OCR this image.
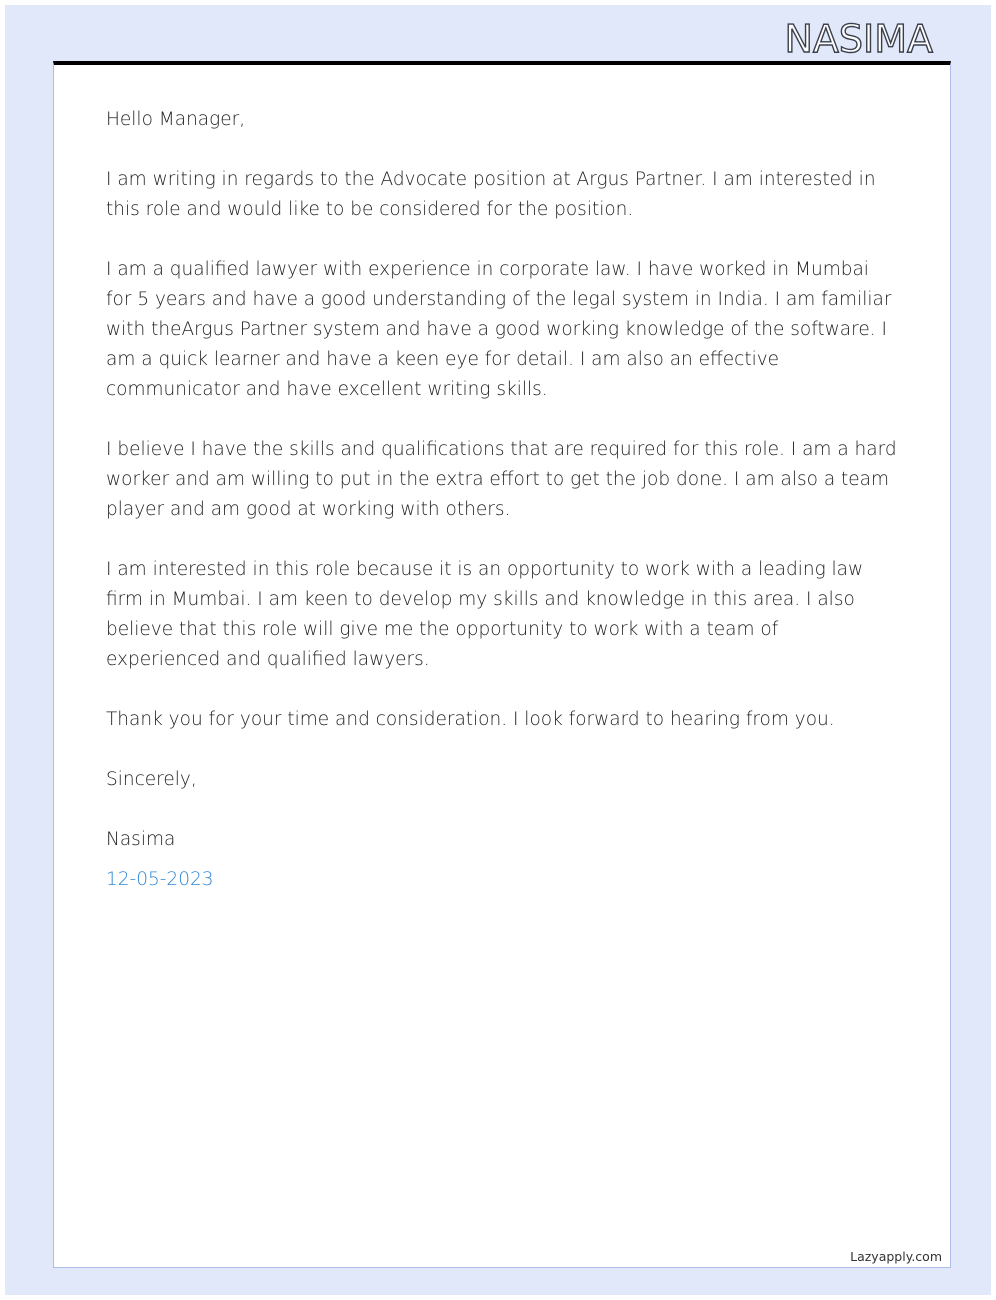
NASIMA

Hello Manager,

I am writing in regards to the Advocate position at Argus Partner. I am interested in this role and would like to be considered for the position.

I am a qualified lawyer with experience in corporate law. I have worked in Mumbai for 5 years and have a good understanding of the legal system in India. I am familiar with theArgus Partner system and have a good working knowledge of the software. I am a quick learner and have a keen eye for detail. I am also an effective communicator and have excellent writing skills.

I believe I have the skills and qualifications that are required for this role. I am a hard worker and am willing to put in the extra effort to get the job done. I am also a team player and am good at working with others.

I am interested in this role because it is an opportunity to work with a leading law firm in Mumbai. I am keen to develop my skills and knowledge in this area. I also believe that this role will give me the opportunity to work with a team of experienced and qualified lawyers.

Thank you for your time and consideration. I look forward to hearing from you.

Sincerely,

Nasima

12-05-2023

Lazyapply.com
